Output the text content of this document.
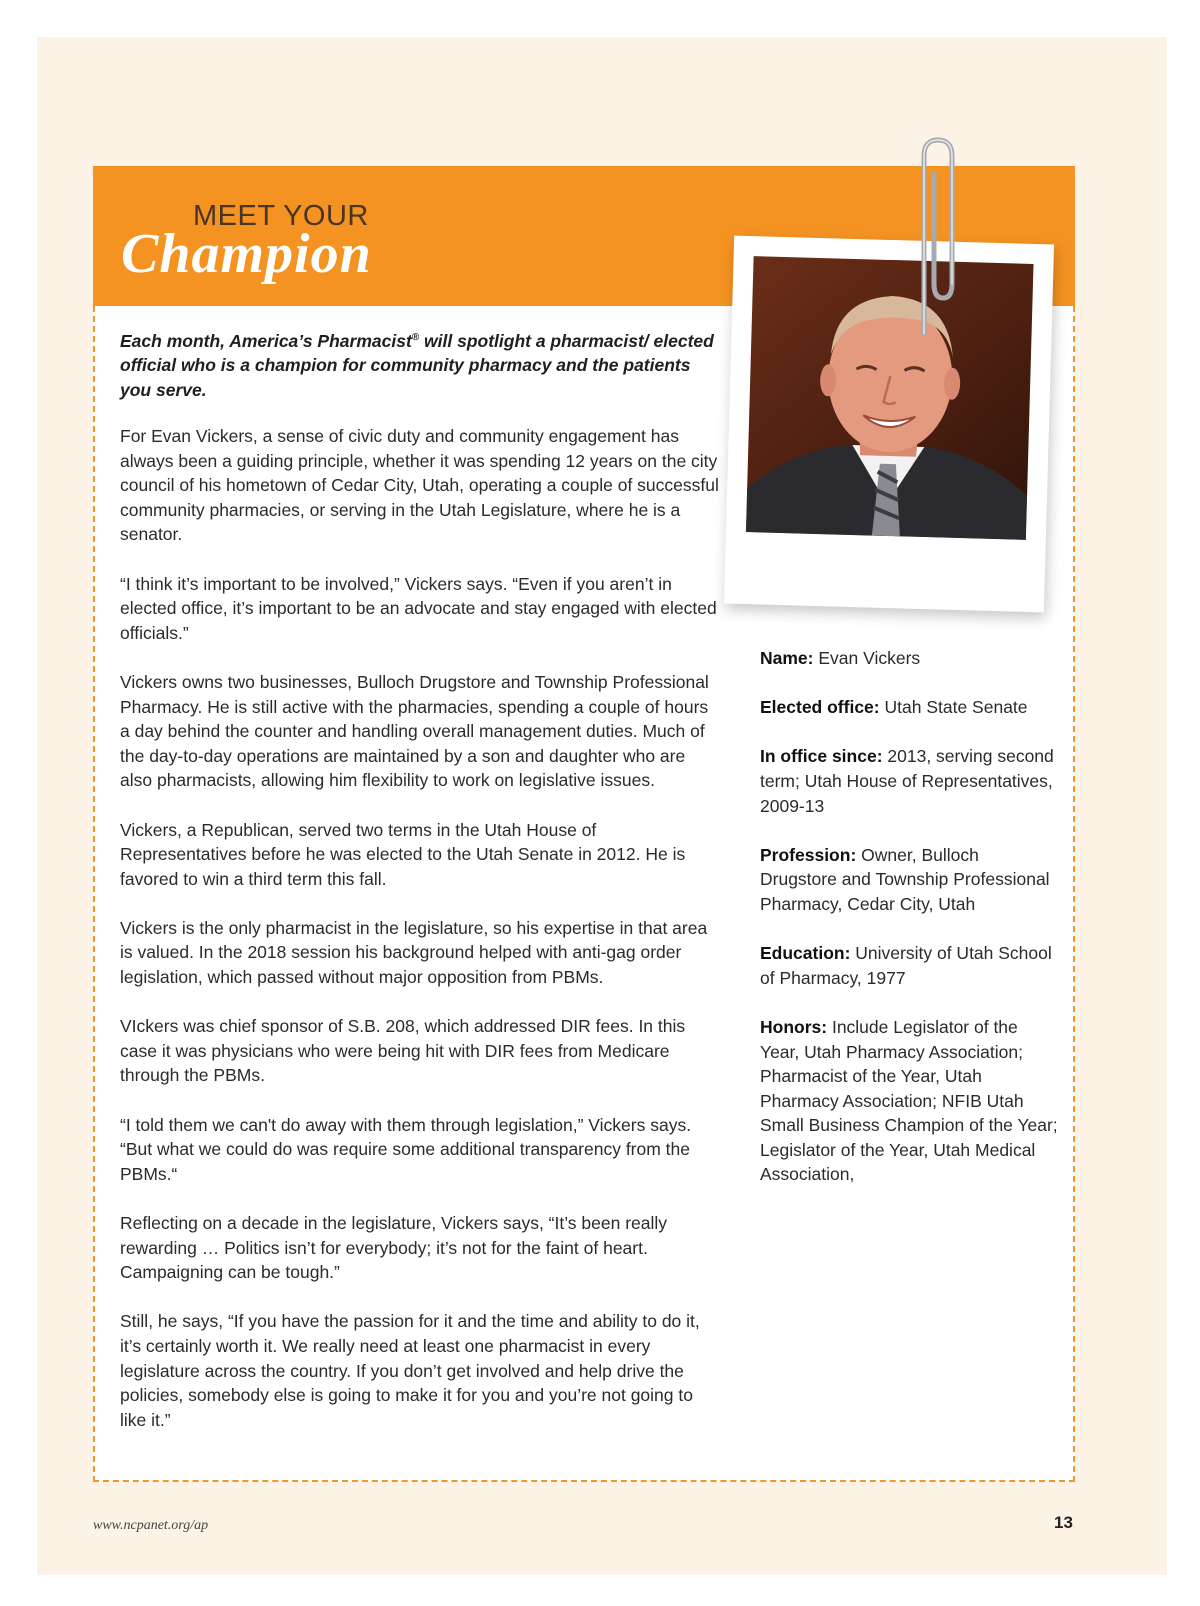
MEET YOUR
Champion
Each month, America’s Pharmacist® will spotlight a pharmacist/ elected official who is a champion for community pharmacy and the patients you serve.

For Evan Vickers, a sense of civic duty and community engagement has always been a guiding principle, whether it was spending 12 years on the city council of his hometown of Cedar City, Utah, operating a couple of successful community pharmacies, or serving in the Utah Legislature, where he is a senator.

“I think it’s important to be involved,” Vickers says. “Even if you aren’t in elected office, it’s important to be an advocate and stay engaged with elected officials.”

Vickers owns two businesses, Bulloch Drugstore and Township Professional Pharmacy. He is still active with the pharmacies, spending a couple of hours a day behind the counter and handling overall management duties. Much of the day-to-day operations are maintained by a son and daughter who are also pharmacists, allowing him flexibility to work on legislative issues.

Vickers, a Republican, served two terms in the Utah House of Representatives before he was elected to the Utah Senate in 2012. He is favored to win a third term this fall.

Vickers is the only pharmacist in the legislature, so his expertise in that area is valued. In the 2018 session his background helped with anti-gag order legislation, which passed without major opposition from PBMs.

VIckers was chief sponsor of S.B. 208, which addressed DIR fees. In this case it was physicians who were being hit with DIR fees from Medicare through the PBMs.

“I told them we can't do away with them through legislation,” Vickers says. “But what we could do was require some additional transparency from the PBMs.“

Reflecting on a decade in the legislature, Vickers says, “It’s been really rewarding … Politics isn’t for everybody; it’s not for the faint of heart. Campaigning can be tough.”

Still, he says, “If you have the passion for it and the time and ability to do it, it’s certainly worth it. We really need at least one pharmacist in every legislature across the country. If you don’t get involved and help drive the policies, somebody else is going to make it for you and you’re not going to like it.”

Name: Evan Vickers
Elected office: Utah State Senate
In office since: 2013, serving second term; Utah House of Representatives, 2009-13
Profession: Owner, Bulloch Drugstore and Township Professional Pharmacy, Cedar City, Utah
Education: University of Utah School of Pharmacy, 1977
Honors: Include Legislator of the Year, Utah Pharmacy Association; Pharmacist of the Year, Utah Pharmacy Association; NFIB Utah Small Business Champion of the Year; Legislator of the Year, Utah Medical Association,
www.ncpanet.org/ap	13
